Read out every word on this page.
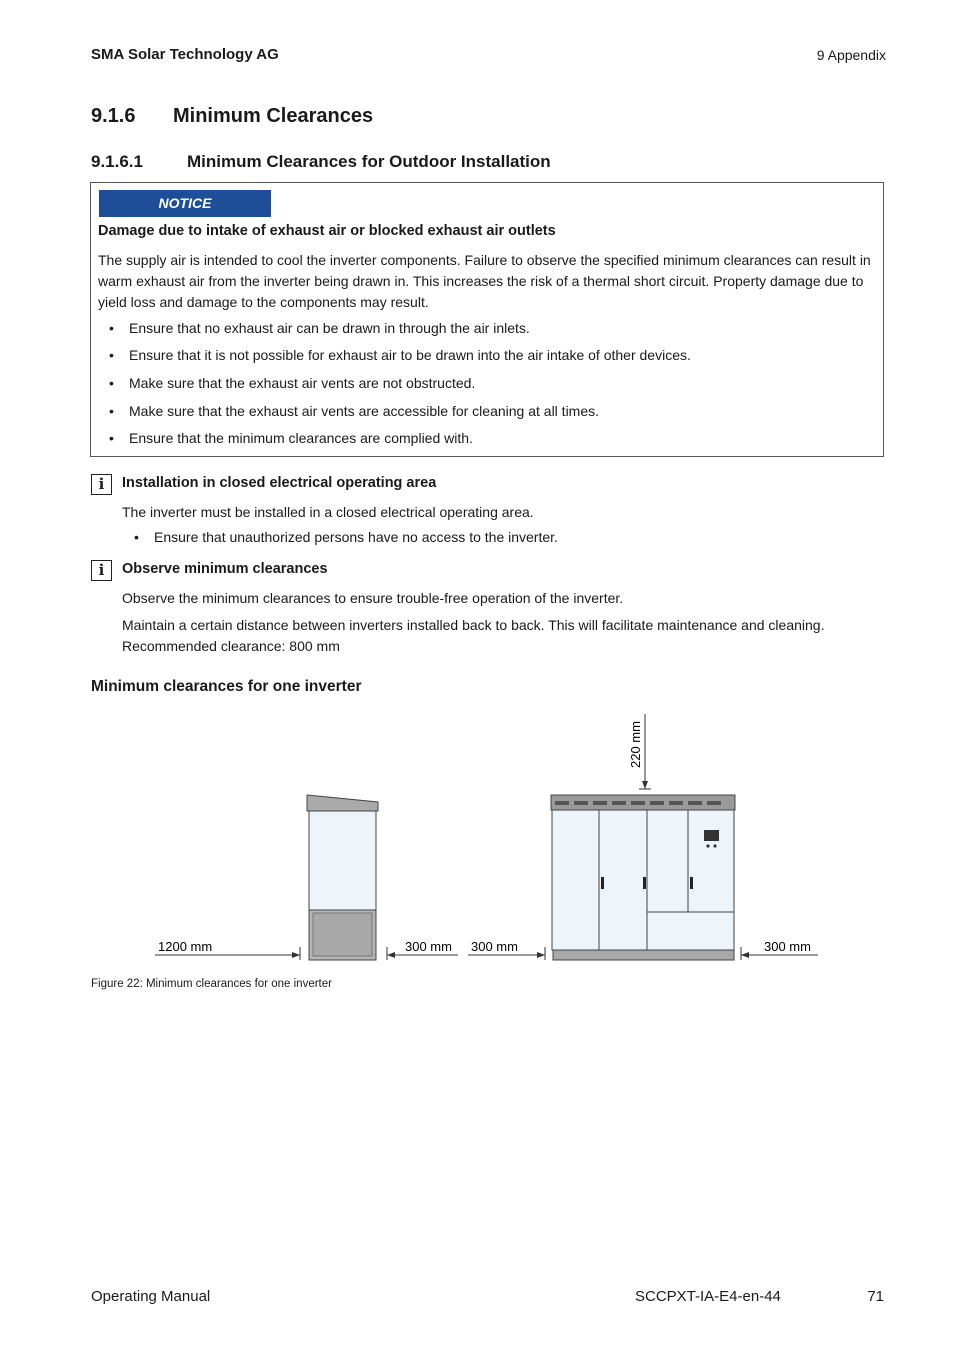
SMA Solar Technology AG	9 Appendix
9.1.6 Minimum Clearances
9.1.6.1	Minimum Clearances for Outdoor Installation
NOTICE
Damage due to intake of exhaust air or blocked exhaust air outlets
The supply air is intended to cool the inverter components. Failure to observe the specified minimum clearances can result in warm exhaust air from the inverter being drawn in. This increases the risk of a thermal short circuit. Property damage due to yield loss and damage to the components may result.
• Ensure that no exhaust air can be drawn in through the air inlets.
• Ensure that it is not possible for exhaust air to be drawn into the air intake of other devices.
• Make sure that the exhaust air vents are not obstructed.
• Make sure that the exhaust air vents are accessible for cleaning at all times.
• Ensure that the minimum clearances are complied with.
i	Installation in closed electrical operating area
The inverter must be installed in a closed electrical operating area.
• Ensure that unauthorized persons have no access to the inverter.
i	Observe minimum clearances
Observe the minimum clearances to ensure trouble-free operation of the inverter.
Maintain a certain distance between inverters installed back to back. This will facilitate maintenance and cleaning. Recommended clearance: 800 mm
Minimum clearances for one inverter
1200 mm	300 mm 300 mm	300 mm
220 mm
Figure 22: Minimum clearances for one inverter
Operating Manual	SCCPXT-IA-E4-en-44	71
